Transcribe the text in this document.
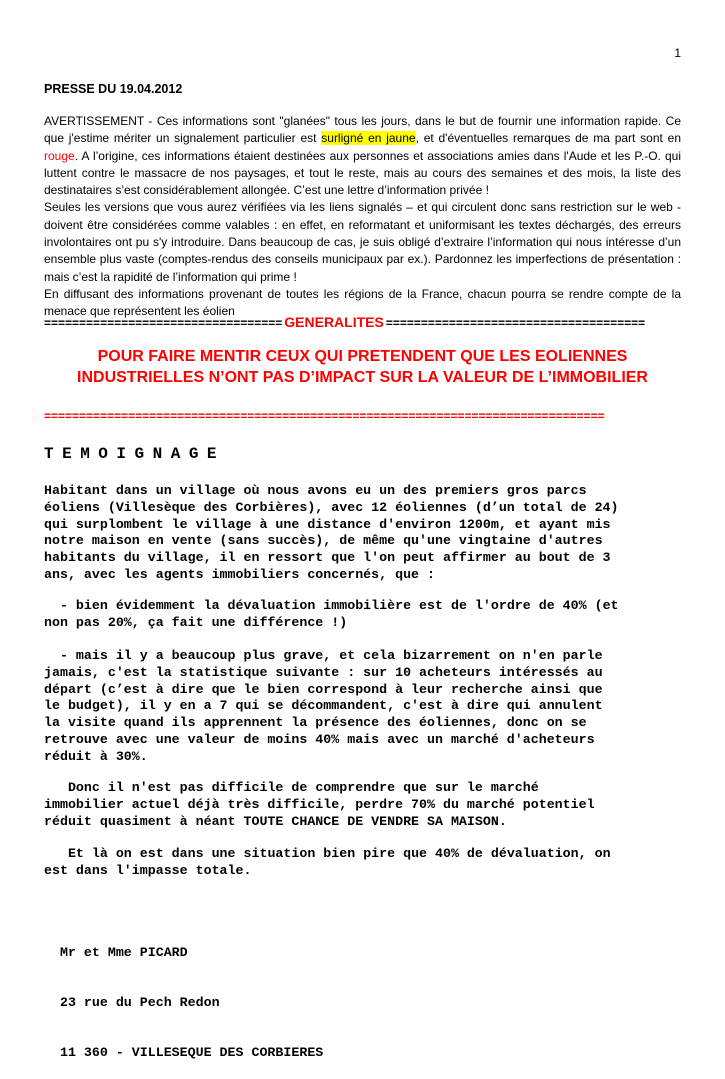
1
PRESSE DU 19.04.2012
AVERTISSEMENT - Ces informations sont "glanées" tous les jours, dans le but de fournir une information rapide. Ce que j'estime mériter un signalement particulier est surligné en jaune, et d'éventuelles remarques de ma part sont en rouge. A l’origine, ces informations étaient destinées aux personnes et associations amies dans l'Aude et les P.-O. qui luttent contre le massacre de nos paysages, et tout le reste, mais au cours des semaines et des mois, la liste des destinataires s’est considérablement allongée. C’est une lettre d’information privée !
Seules les versions que vous aurez vérifiées via les liens signalés – et qui circulent donc sans restriction sur le web - doivent être considérées comme valables : en effet, en reformatant et uniformisant les textes déchargés, des erreurs involontaires ont pu s'y introduire. Dans beaucoup de cas, je suis obligé d’extraire l’information qui nous intéresse d’un ensemble plus vaste (comptes-rendus des conseils municipaux par ex.). Pardonnez les imperfections de présentation : mais c’est la rapidité de l’information qui prime !
En diffusant des informations provenant de toutes les régions de la France, chacun pourra se rendre compte de la menace que représentent les éolien
================================== GENERALITES =====================================
POUR FAIRE MENTIR CEUX QUI PRETENDENT QUE LES EOLIENNES INDUSTRIELLES N’ONT PAS D’IMPACT SUR LA VALEUR DE L’IMMOBILIER
================================================================================
TEMOIGNAGE
Habitant dans un village où nous avons eu un des premiers gros parcs
éoliens (Villesèque des Corbières), avec 12 éoliennes (d’un total de 24)
qui surplombent le village à une distance d'environ 1200m, et ayant mis
notre maison en vente (sans succès), de même qu'une vingtaine d'autres
habitants du village, il en ressort que l'on peut affirmer au bout de 3
ans, avec les agents immobiliers concernés, que :
- bien évidemment la dévaluation immobilière est de l'ordre de 40% (et
non pas 20%, ça fait une différence !)
- mais il y a beaucoup plus grave, et cela bizarrement on n'en parle
jamais, c'est la statistique suivante : sur 10 acheteurs intéressés au
départ (c’est à dire que le bien correspond à leur recherche ainsi que
le budget), il y en a 7 qui se décommandent, c'est à dire qui annulent
la visite quand ils apprennent la présence des éoliennes, donc on se
retrouve avec une valeur de moins 40% mais avec un marché d'acheteurs
réduit à 30%.
Donc il n'est pas difficile de comprendre que sur le marché
immobilier actuel déjà très difficile, perdre 70% du marché potentiel
réduit quasiment à néant TOUTE CHANCE DE VENDRE SA MAISON.
Et là on est dans une situation bien pire que 40% de dévaluation, on
est dans l'impasse totale.

Mr et Mme PICARD

23 rue du Pech Redon

11 360 - VILLESEQUE DES CORBIERES
